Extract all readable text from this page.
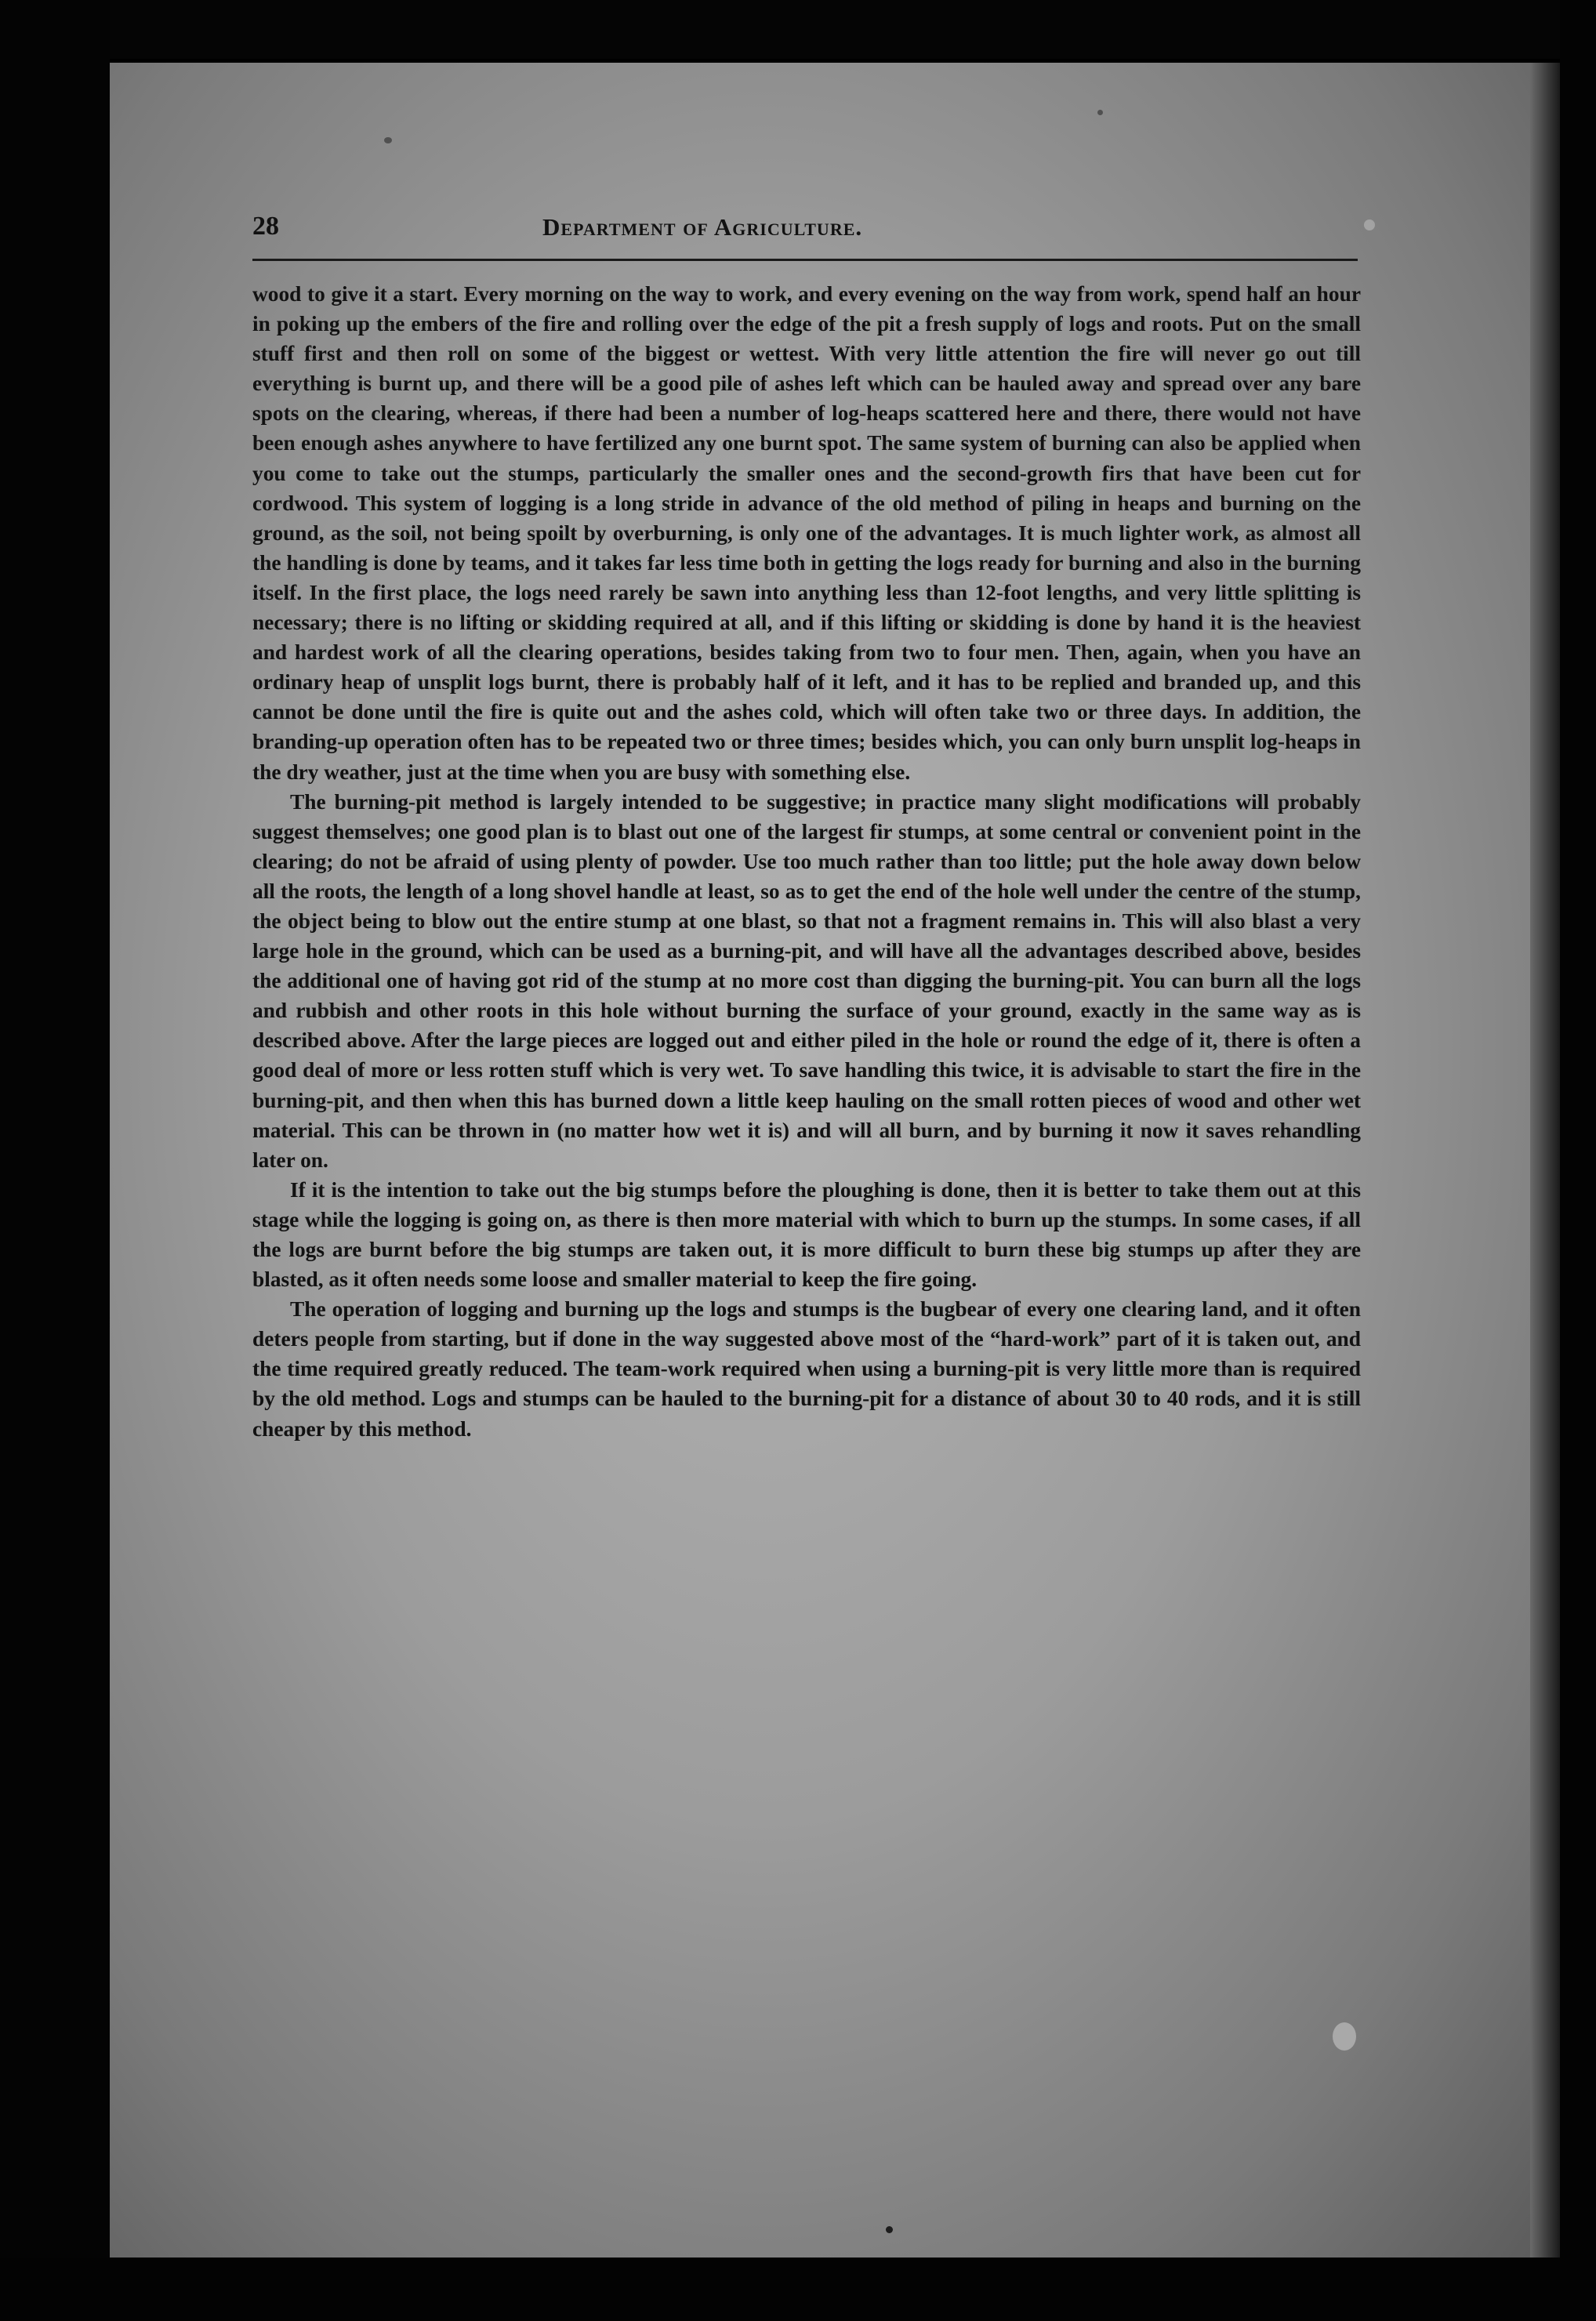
28	Department of Agriculture.

wood to give it a start. Every morning on the way to work, and every evening on the way from work, spend half an hour in poking up the embers of the fire and rolling over the edge of the pit a fresh supply of logs and roots. Put on the small stuff first and then roll on some of the biggest or wettest. With very little attention the fire will never go out till everything is burnt up, and there will be a good pile of ashes left which can be hauled away and spread over any bare spots on the clearing, whereas, if there had been a number of log-heaps scattered here and there, there would not have been enough ashes anywhere to have fertilized any one burnt spot. The same system of burning can also be applied when you come to take out the stumps, particularly the smaller ones and the second-growth firs that have been cut for cordwood. This system of logging is a long stride in advance of the old method of piling in heaps and burning on the ground, as the soil, not being spoilt by overburning, is only one of the advantages. It is much lighter work, as almost all the handling is done by teams, and it takes far less time both in getting the logs ready for burning and also in the burning itself. In the first place, the logs need rarely be sawn into anything less than 12-foot lengths, and very little splitting is necessary; there is no lifting or skidding required at all, and if this lifting or skidding is done by hand it is the heaviest and hardest work of all the clearing operations, besides taking from two to four men. Then, again, when you have an ordinary heap of unsplit logs burnt, there is probably half of it left, and it has to be replied and branded up, and this cannot be done until the fire is quite out and the ashes cold, which will often take two or three days. In addition, the branding-up operation often has to be repeated two or three times; besides which, you can only burn unsplit log-heaps in the dry weather, just at the time when you are busy with something else.

The burning-pit method is largely intended to be suggestive; in practice many slight modifications will probably suggest themselves; one good plan is to blast out one of the largest fir stumps, at some central or convenient point in the clearing; do not be afraid of using plenty of powder. Use too much rather than too little; put the hole away down below all the roots, the length of a long shovel handle at least, so as to get the end of the hole well under the centre of the stump, the object being to blow out the entire stump at one blast, so that not a fragment remains in. This will also blast a very large hole in the ground, which can be used as a burning-pit, and will have all the advantages described above, besides the additional one of having got rid of the stump at no more cost than digging the burning-pit. You can burn all the logs and rubbish and other roots in this hole without burning the surface of your ground, exactly in the same way as is described above. After the large pieces are logged out and either piled in the hole or round the edge of it, there is often a good deal of more or less rotten stuff which is very wet. To save handling this twice, it is advisable to start the fire in the burning-pit, and then when this has burned down a little keep hauling on the small rotten pieces of wood and other wet material. This can be thrown in (no matter how wet it is) and will all burn, and by burning it now it saves rehandling later on.

If it is the intention to take out the big stumps before the ploughing is done, then it is better to take them out at this stage while the logging is going on, as there is then more material with which to burn up the stumps. In some cases, if all the logs are burnt before the big stumps are taken out, it is more difficult to burn these big stumps up after they are blasted, as it often needs some loose and smaller material to keep the fire going.

The operation of logging and burning up the logs and stumps is the bugbear of every one clearing land, and it often deters people from starting, but if done in the way suggested above most of the “hard-work” part of it is taken out, and the time required greatly reduced. The team-work required when using a burning-pit is very little more than is required by the old method. Logs and stumps can be hauled to the burning-pit for a distance of about 30 to 40 rods, and it is still cheaper by this method.
